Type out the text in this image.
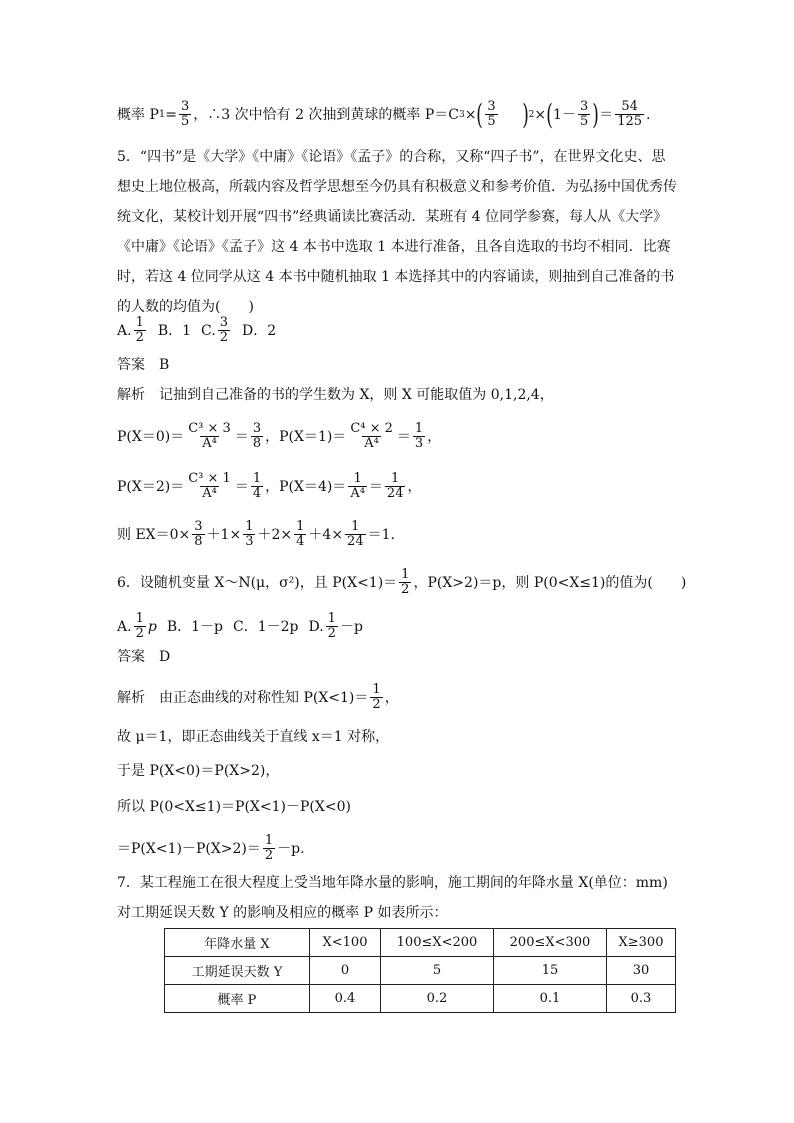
概率 P $1 = \frac{3}{5}$ ，∴3 次中恰有 2 次抽到黄球的概率 P＝C 3 × ( $\frac{3}{5}$ ) 2 × ( $1- \frac{3}{5}$ ) ＝ $\frac{54}{125}$ .
5．“四书”是《大学》《中庸》《论语》《孟子》的合称，又称“四子书”，在世界文化史、思想史上地位极高，所载内容及哲学思想至今仍具有积极意义和参考价值．为弘扬中国优秀传统文化，某校计划开展“四书”经典诵读比赛活动．某班有 4 位同学参赛，每人从《大学》《中庸》《论语》《孟子》这 4 本书中选取 1 本进行准备，且各自选取的书均不相同．比赛时，若这 4 位同学从这 4 本书中随机抽取 1 本选择其中的内容诵读，则抽到自己准备的书的人数的均值为(　　)
A. $\frac{1}{2}$ B．1 C. $\frac{3}{2}$ D．2
答案 B
解析 记抽到自己准备的书的学生数为 X，则 X 可能取值为 0,1,2,4，
$P(X=0)= \frac{\text{C³ × 3}}{\text{A⁴}} = \frac{3}{8}$ ，$P(X=1)= \frac{\text{C⁴ × 2}}{\text{A⁴}} = \frac{1}{3}$ ，
$P(X=2)= \frac{\text{C³ × 1}}{\text{A⁴}} = \frac{1}{4}$ ，$P(X=4)= \frac{1}{\text{A⁴}} = \frac{1}{24}$ ，
则 $EX=0\times \frac{3}{8} +1\times \frac{1}{3} +2\times \frac{1}{4} +4\times \frac{1}{24} =1$.
6．设随机变量 X～N(μ，σ²)，且 $P(X<1)= \frac{1}{2}$ ，P(X>2)＝p，则 P(0<X≤1)的值为(　　)
A. $\frac{1}{2}$ p B．1－p C．1－2p D. $\frac{1}{2} -p$
答案 D
解析 由正态曲线的对称性知 $P(X<1)= \frac{1}{2}$ ，
故 μ＝1，即正态曲线关于直线 x＝1 对称，
于是 P(X<0)＝P(X>2)，
所以 P(0<X≤1)＝P(X<1)－P(X<0)
$=P(X<1)-P(X>2)= \frac{1}{2} -p$.
7．某工程施工在很大程度上受当地年降水量的影响，施工期间的年降水量 X(单位：mm)对工期延误天数 Y 的影响及相应的概率 P 如表所示：
年降水量 X	X<100	100≤X<200	200≤X<300	X≥300
工期延误天数 Y	0	5	15	30
概率 P	0.4	0.2	0.1	0.3
